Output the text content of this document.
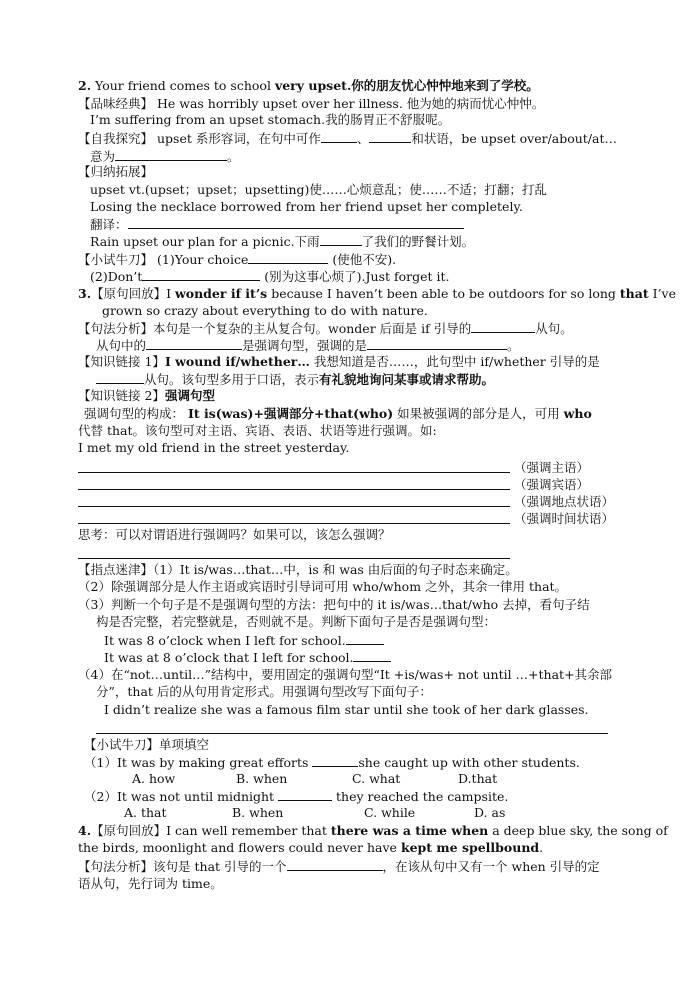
2. Your friend comes to school very upset.你的朋友忧心忡忡地来到了学校。
【品味经典】 He was horribly upset over her illness. 他为她的病而忧心忡忡。
I’m suffering from an upset stomach.我的肠胃正不舒服呢。
【自我探究】 upset 系形容词，在句中可作	、	和状语，be upset over/about/at…
意为	。
【归纳拓展】
upset vt.(upset；upset；upsetting)使……心烦意乱；使……不适；打翻；打乱
Losing the necklace borrowed from her friend upset her completely.
翻译：
Rain upset our plan for a picnic.下雨	了我们的野餐计划。
【小试牛刀】 (1)Your choice	(使他不安).
(2)Don’t	(别为这事心烦了).Just forget it.
3.【原句回放】I wonder if it’s because I haven’t been able to be outdoors for so long that I’ve
grown so crazy about everything to do with nature.
【句法分析】本句是一个复杂的主从复合句。wonder 后面是 if 引导的	从句。
从句中的	是强调句型，强调的是	。
【知识链接 1】I wound if/whether… 我想知道是否……，此句型中 if/whether 引导的是
从句。该句型多用于口语，表示有礼貌地询问某事或请求帮助。
【知识链接 2】强调句型
强调句型的构成： It is(was)+强调部分+that(who) 如果被强调的部分是人，可用 who
代替 that。该句型可对主语、宾语、表语、状语等进行强调。如:
I met my old friend in the street yesterday.
（强调主语）
（强调宾语）
（强调地点状语）
（强调时间状语）
思考：可以对谓语进行强调吗？如果可以，该怎么强调？
【指点迷津】（1）It is/was…that…中，is 和 was 由后面的句子时态来确定。
（2）除强调部分是人作主语或宾语时引导词可用 who/whom 之外，其余一律用 that。
（3）判断一个句子是不是强调句型的方法：把句中的 it is/was…that/who 去掉，看句子结
构是否完整，若完整就是，否则就不是。判断下面句子是否是强调句型：
It was 8 o’clock when I left for school.
It was at 8 o’clock that I left for school.
（4）在“not…until…”结构中，要用固定的强调句型“It +is/was+ not until …+that+其余部
分”，that 后的从句用肯定形式。用强调句型改写下面句子：
I didn’t realize she was a famous film star until she took of her dark glasses.
【小试牛刀】单项填空
（1）It was by making great efforts	she caught up with other students.
A. how	B. when	C. what	D.that
（2）It was not until midnight	they reached the campsite.
A. that	B. when	C. while	D. as
4.【原句回放】I can well remember that there was a time when a deep blue sky, the song of
the birds, moonlight and flowers could never have kept me spellbound.
【句法分析】该句是 that 引导的一个	，在该从句中又有一个 when 引导的定
语从句，先行词为 time。
